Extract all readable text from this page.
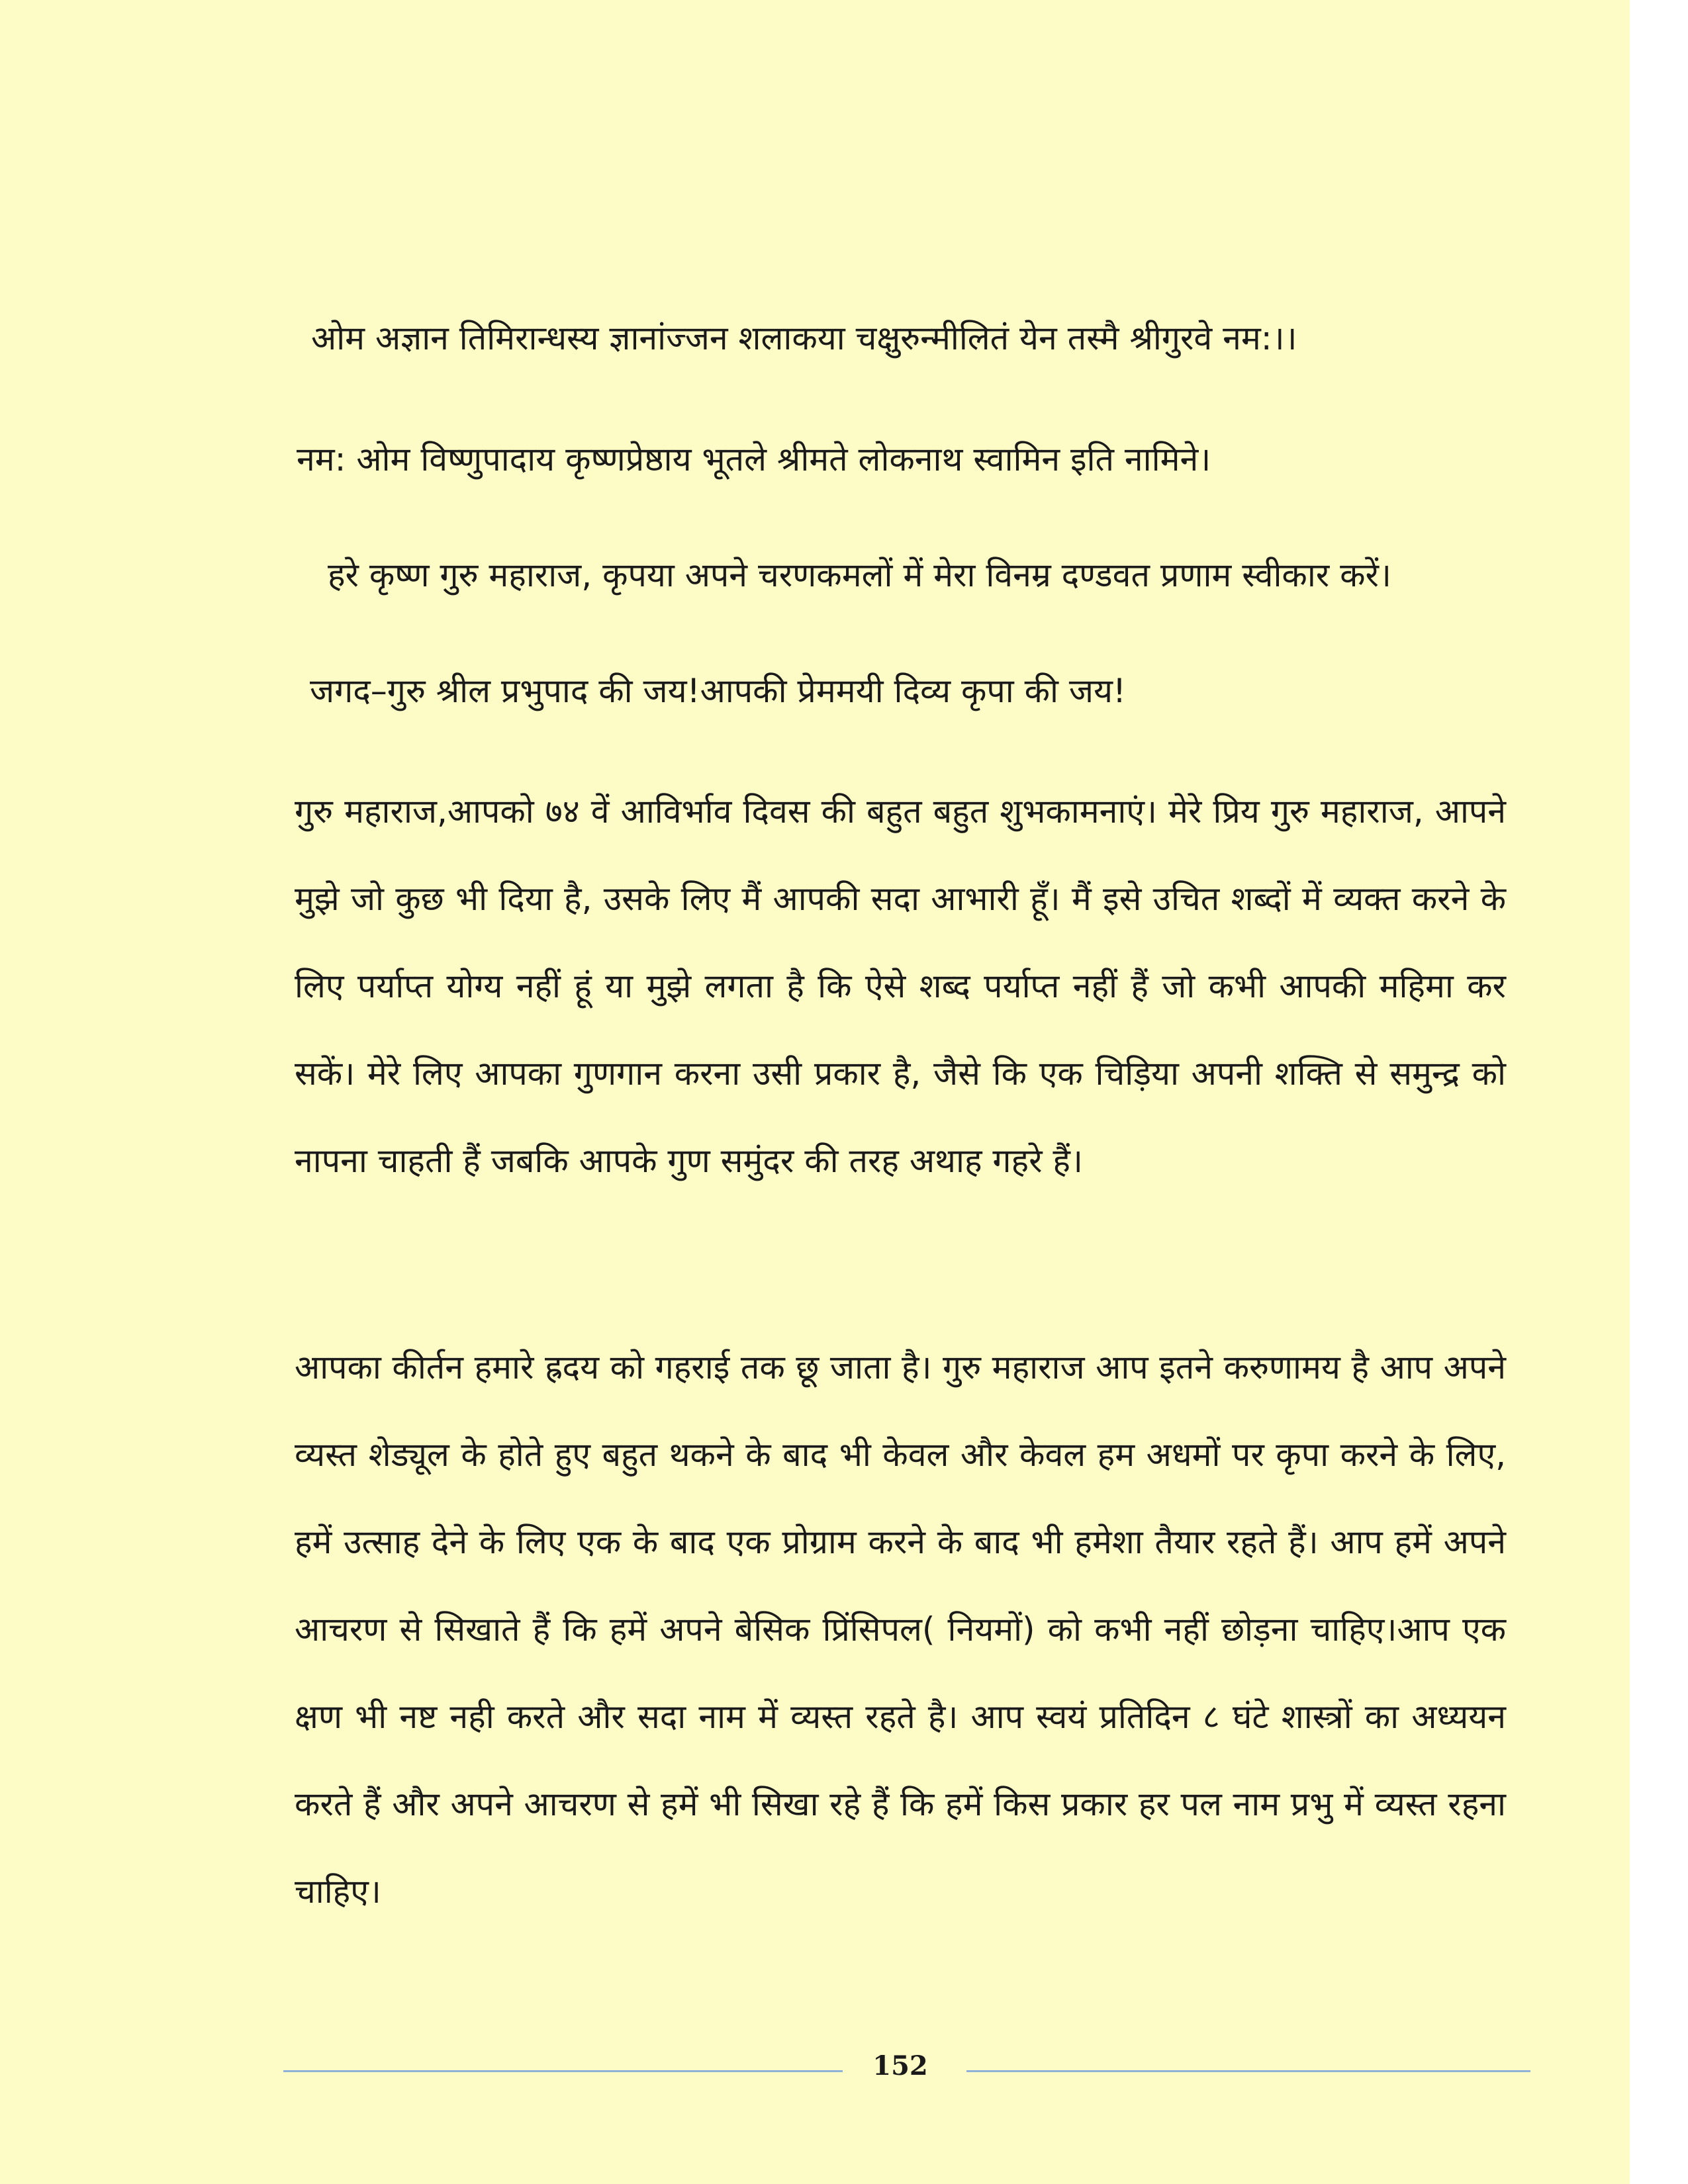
ओम अज्ञान तिमिरान्धस्य ज्ञानांज्जन शलाकया चक्षुरुन्मीलितं येन तस्मै श्रीगुरवे नम:।।
नम: ओम विष्णुपादाय कृष्णप्रेष्ठाय भूतले श्रीमते लोकनाथ स्वामिन इति नामिने।
हरे कृष्ण गुरु महाराज, कृपया अपने चरणकमलों में मेरा विनम्र दण्डवत प्रणाम स्वीकार करें।
जगद–गुरु श्रील प्रभुपाद की जय!आपकी प्रेममयी दिव्य कृपा की जय!

गुरु महाराज,आपको ७४ वें आविर्भाव दिवस की बहुत बहुत शुभकामनाएं। मेरे प्रिय गुरु महाराज, आपने मुझे जो कुछ भी दिया है, उसके लिए मैं आपकी सदा आभारी हूँ। मैं इसे उचित शब्दों में व्यक्त करने के लिए पर्याप्त योग्य नहीं हूं या मुझे लगता है कि ऐसे शब्द पर्याप्त नहीं हैं जो कभी आपकी महिमा कर सकें। मेरे लिए आपका गुणगान करना उसी प्रकार है, जैसे कि एक चिड़िया अपनी शक्ति से समुन्द्र को नापना चाहती हैं जबकि आपके गुण समुंदर की तरह अथाह गहरे हैं।

आपका कीर्तन हमारे ह्रदय को गहराई तक छू जाता है। गुरु महाराज आप इतने करुणामय है आप अपने व्यस्त शेड्यूल के होते हुए बहुत थकने के बाद भी केवल और केवल हम अधमों पर कृपा करने के लिए, हमें उत्साह देने के लिए एक के बाद एक प्रोग्राम करने के बाद भी हमेशा तैयार रहते हैं। आप हमें अपने आचरण से सिखाते हैं कि हमें अपने बेसिक प्रिंसिपल( नियमों) को कभी नहीं छोड़ना चाहिए।आप एक क्षण भी नष्ट नही करते और सदा नाम में व्यस्त रहते है। आप स्वयं प्रतिदिन ८ घंटे शास्त्रों का अध्ययन करते हैं और अपने आचरण से हमें भी सिखा रहे हैं कि हमें किस प्रकार हर पल नाम प्रभु में व्यस्त रहना चाहिए।

152
